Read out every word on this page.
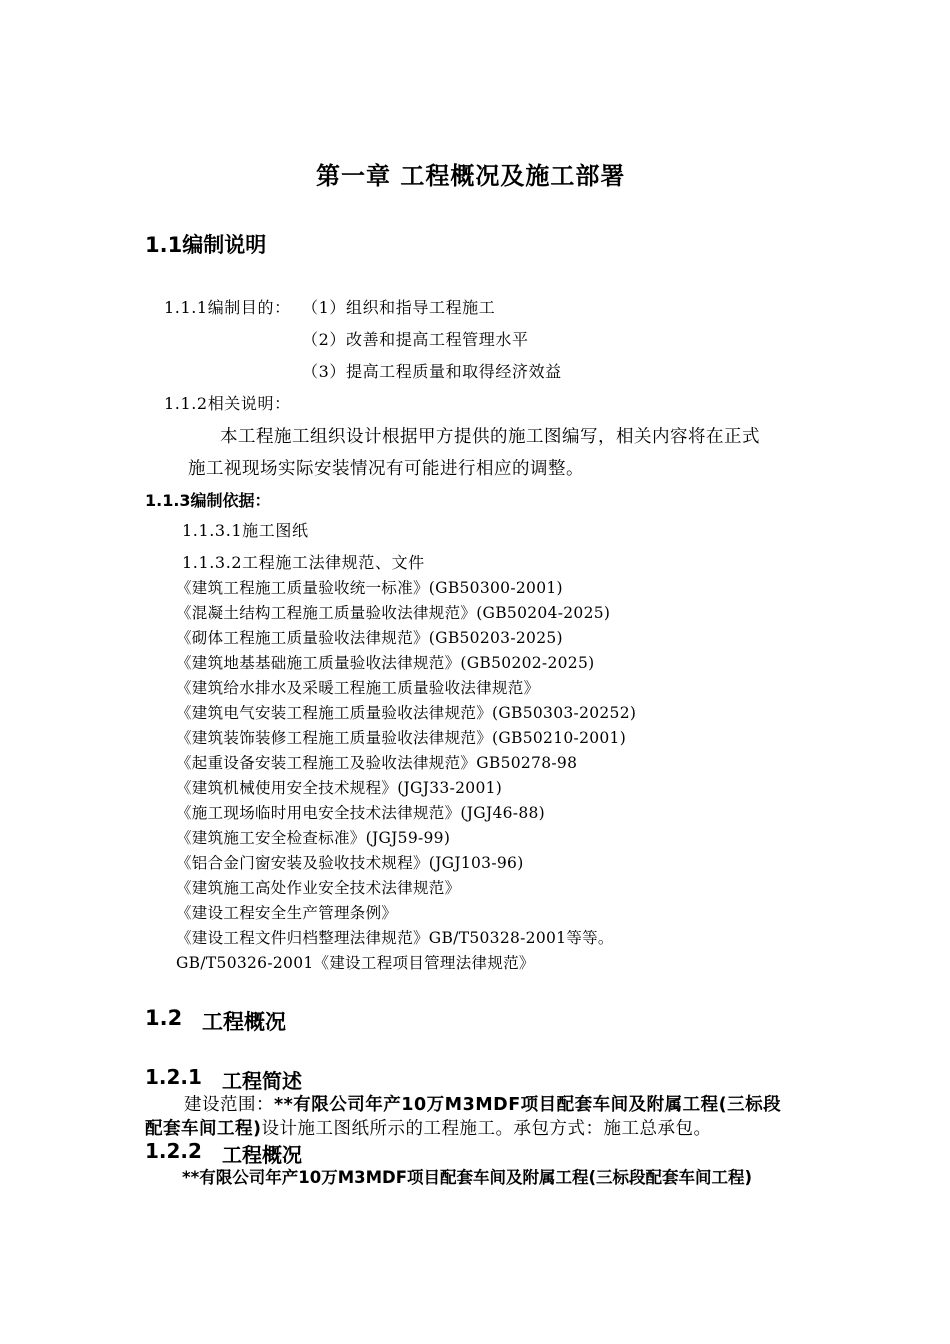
第一章 工程概况及施工部署
1.1编制说明
1.1.1编制目的： （1）组织和指导工程施工
（2）改善和提高工程管理水平
（3）提高工程质量和取得经济效益
1.1.2相关说明：
本工程施工组织设计根据甲方提供的施工图编写，相关内容将在正式
施工视现场实际安装情况有可能进行相应的调整。
1.1.3编制依据：
1.1.3.1施工图纸
1.1.3.2工程施工法律规范、文件
《建筑工程施工质量验收统一标准》(GB50300-2001)
《混凝土结构工程施工质量验收法律规范》(GB50204-2025)
《砌体工程施工质量验收法律规范》(GB50203-2025)
《建筑地基基础施工质量验收法律规范》(GB50202-2025)
《建筑给水排水及采暖工程施工质量验收法律规范》
《建筑电气安装工程施工质量验收法律规范》(GB50303-20252)
《建筑装饰装修工程施工质量验收法律规范》(GB50210-2001)
《起重设备安装工程施工及验收法律规范》GB50278-98
《建筑机械使用安全技术规程》(JGJ33-2001)
《施工现场临时用电安全技术法律规范》(JGJ46-88)
《建筑施工安全检查标准》(JGJ59-99)
《铝合金门窗安装及验收技术规程》(JGJ103-96)
《建筑施工高处作业安全技术法律规范》
《建设工程安全生产管理条例》
《建设工程文件归档整理法律规范》GB/T50328-2001等等。
GB/T50326-2001《建设工程项目管理法律规范》
1.2 工程概况
1.2.1 工程简述
建设范围：**有限公司年产10万M3MDF项目配套车间及附属工程(三标段
配套车间工程)设计施工图纸所示的工程施工。承包方式：施工总承包。
1.2.2 工程概况
**有限公司年产10万M3MDF项目配套车间及附属工程(三标段配套车间工程)
